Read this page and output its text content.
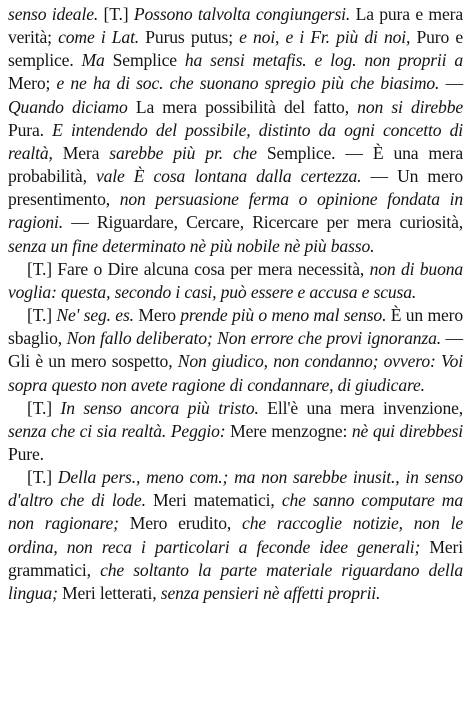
senso ideale. [T.] Possono talvolta congiungersi. La pura e mera verità; come i Lat. Purus putus; e noi, e i Fr. più di noi, Puro e semplice. Ma Semplice ha sensi metafis. e log. non proprii a Mero; e ne ha di soc. che suonano spregio più che biasimo. — Quando diciamo La mera possibilità del fatto, non si direbbe Pura. E intendendo del possibile, distinto da ogni concetto di realtà, Mera sarebbe più pr. che Semplice. — È una mera probabilità, vale È cosa lontana dalla certezza. — Un mero presentimento, non persuasione ferma o opinione fondata in ragioni. — Riguardare, Cercare, Ricercare per mera curiosità, senza un fine determinato nè più nobile nè più basso.

[T.] Fare o Dire alcuna cosa per mera necessità, non di buona voglia: questa, secondo i casi, può essere e accusa e scusa.

[T.] Ne' seg. es. Mero prende più o meno mal senso. È un mero sbaglio, Non fallo deliberato; Non errore che provi ignoranza. — Gli è un mero sospetto, Non giudico, non condanno; ovvero: Voi sopra questo non avete ragione di condannare, di giudicare.

[T.] In senso ancora più tristo. Ell'è una mera invenzione, senza che ci sia realtà. Peggio: Mere menzogne: nè qui direbbesi Pure.

[T.] Della pers., meno com.; ma non sarebbe inusit., in senso d'altro che di lode. Meri matematici, che sanno computare ma non ragionare; Mero erudito, che raccoglie notizie, non le ordina, non reca i particolari a feconde idee generali; Meri grammatici, che soltanto la parte materiale riguardano della lingua; Meri letterati, senza pensieri nè affetti proprii.
